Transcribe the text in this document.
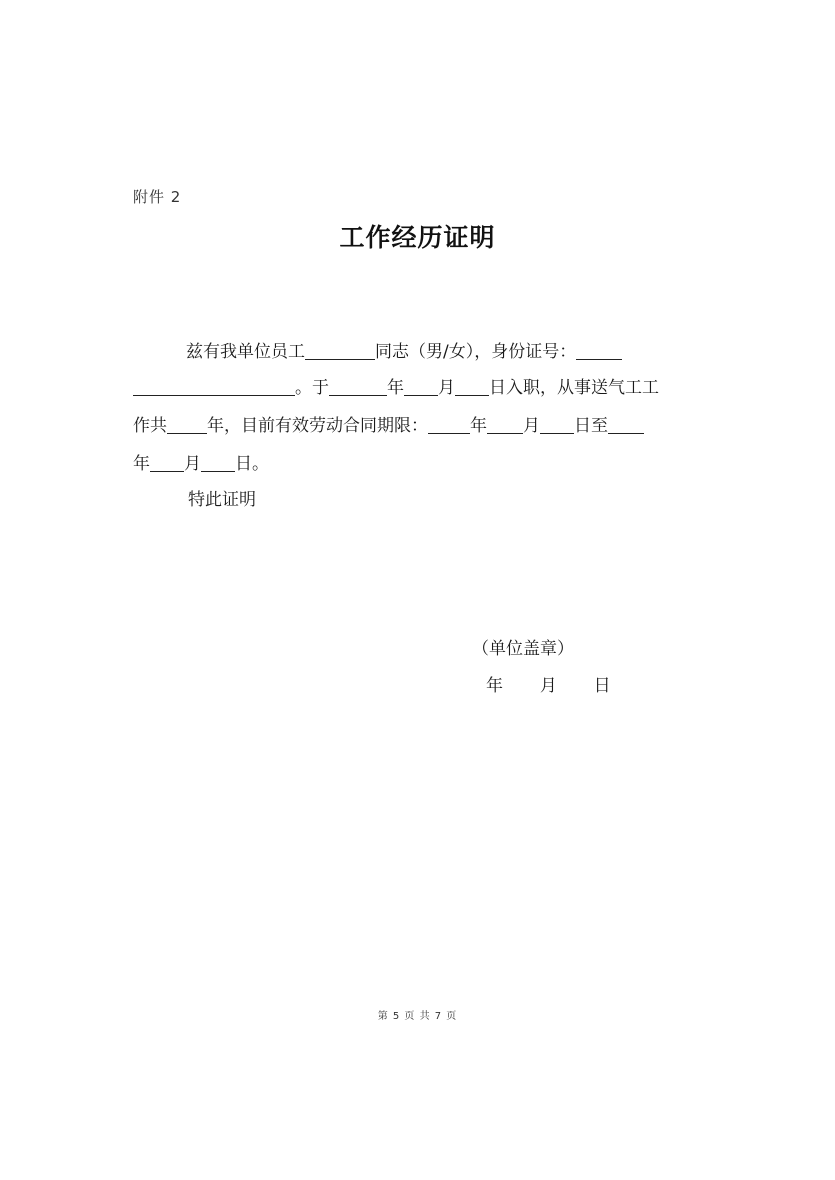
附件 2
工作经历证明
兹有我单位员工	同志（男/女），身份证号：
。于	年 月 日入职，从事送气工工
作共 年，目前有效劳动合同期限： 年 月 日至
年 月 日。
特此证明
（单位盖章）
年 月 日
第 5 页 共 7 页
